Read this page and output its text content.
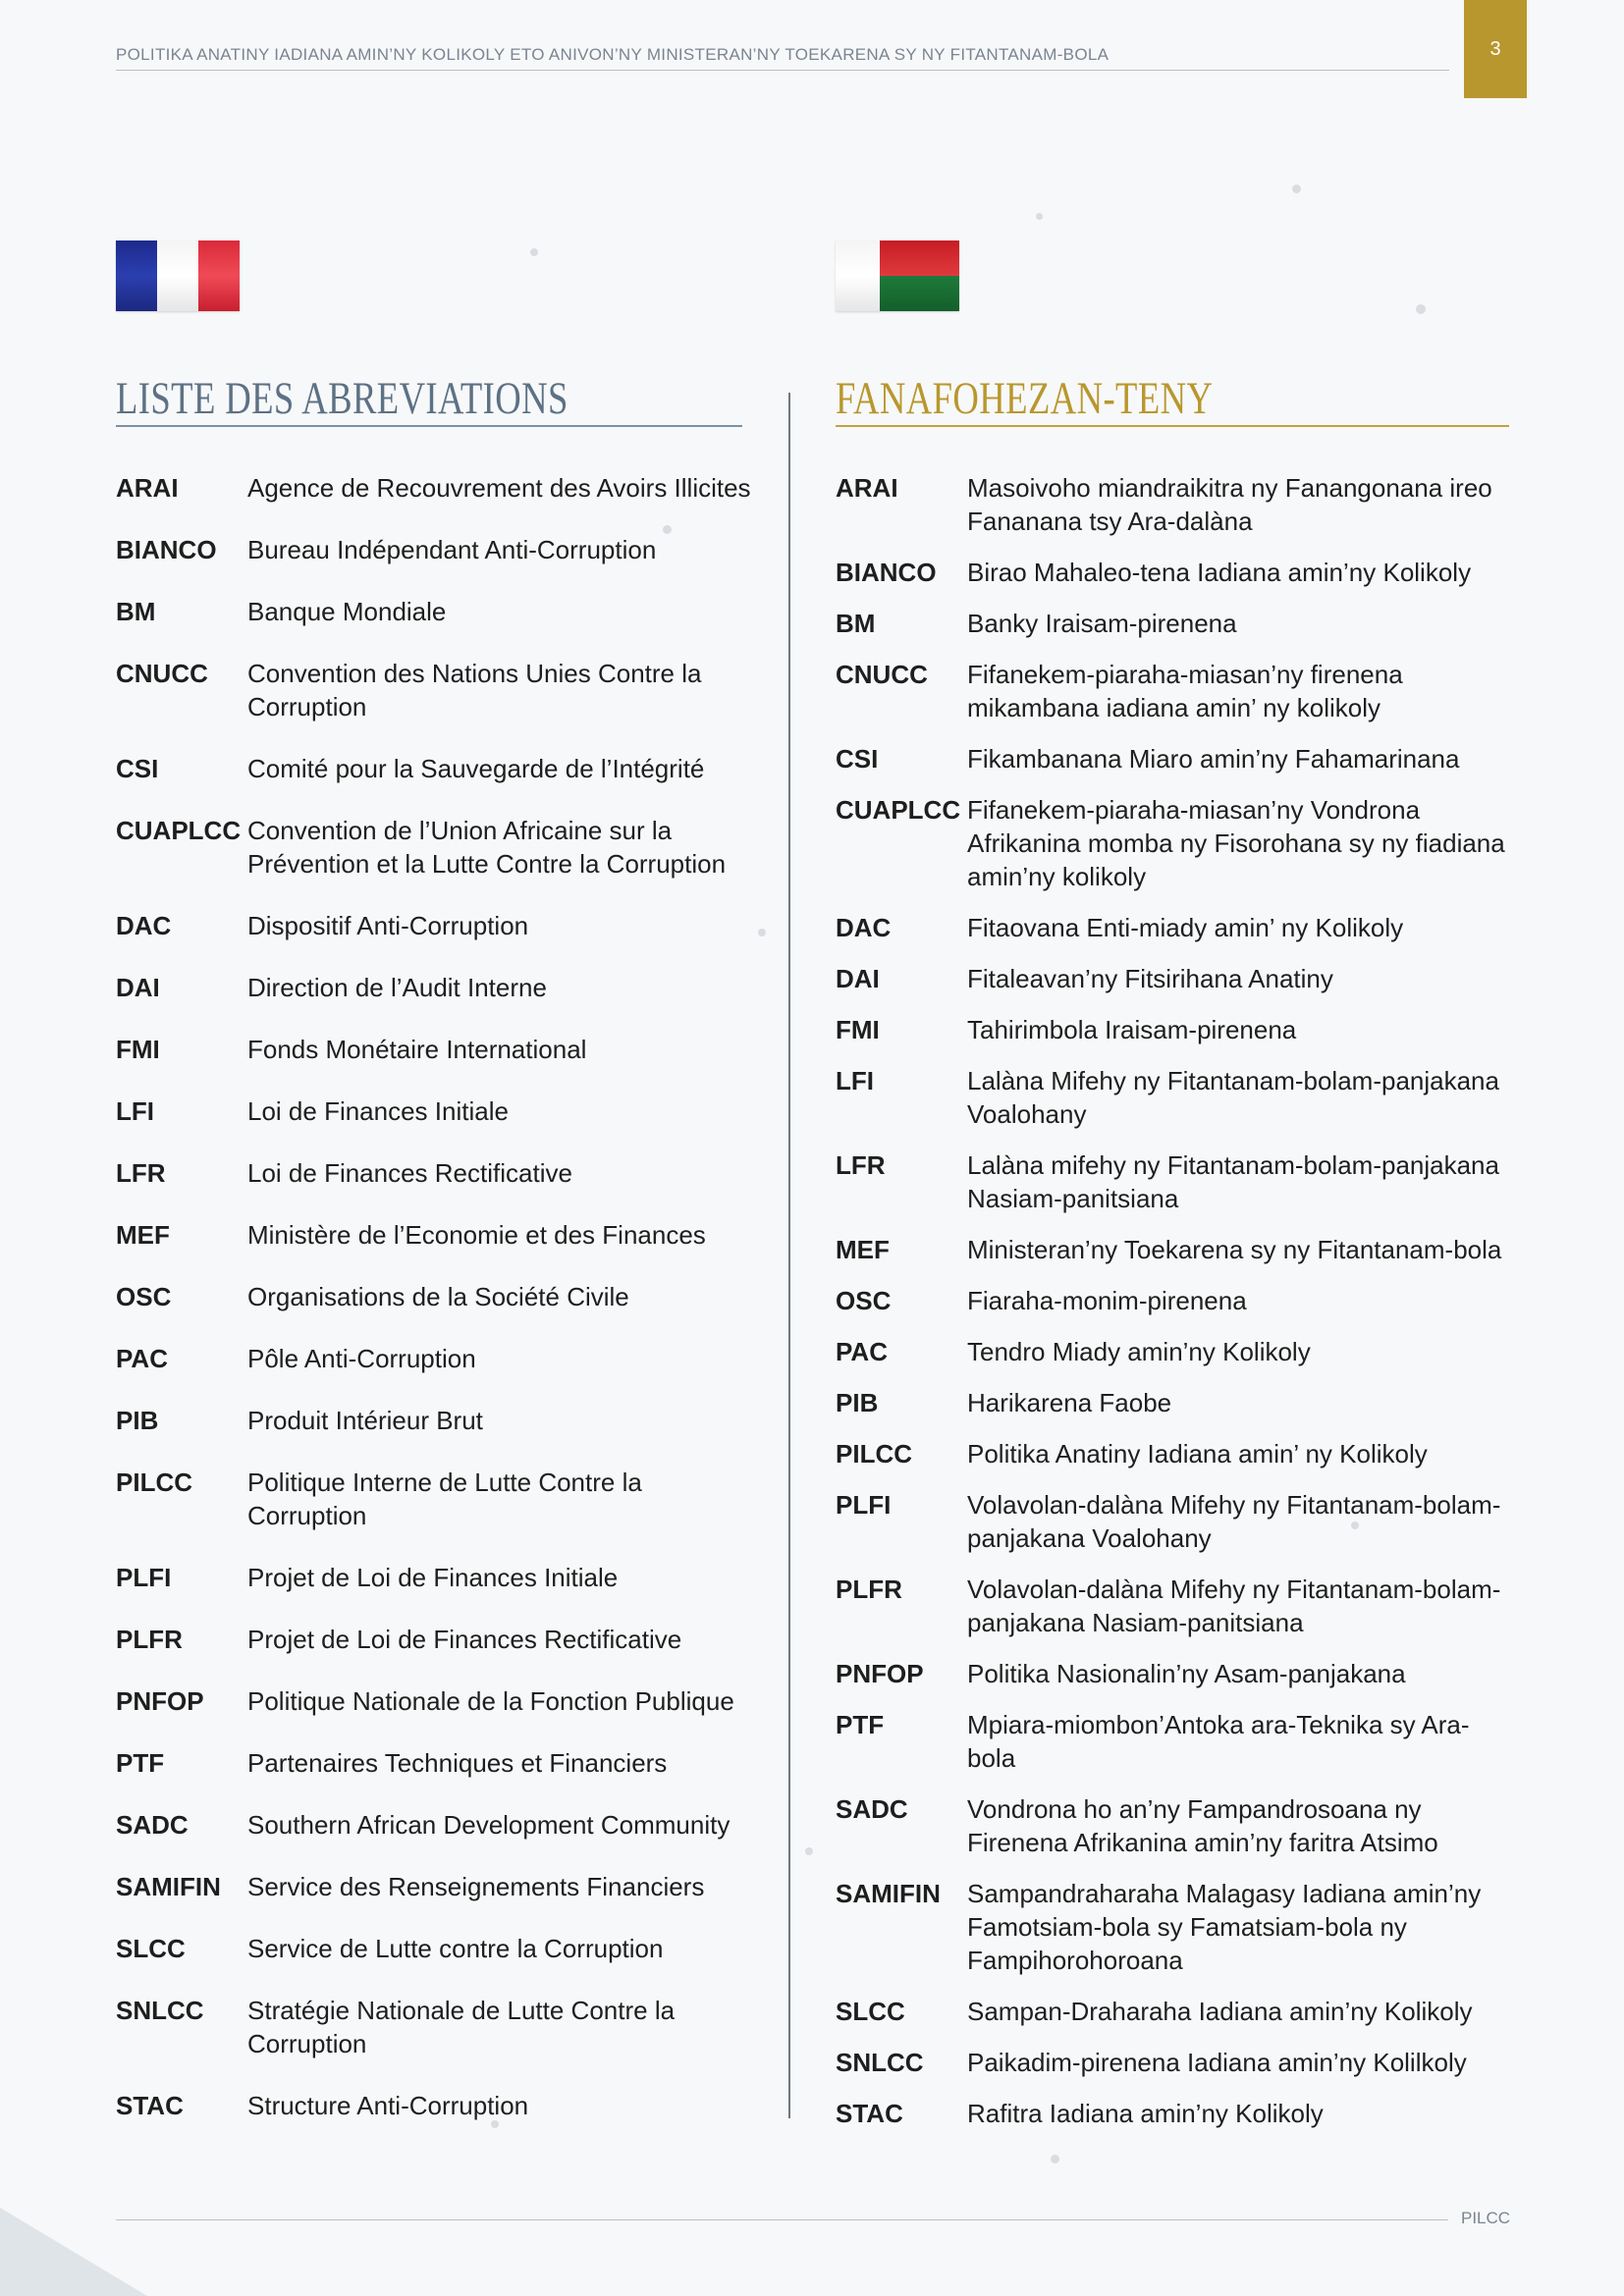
POLITIKA ANATINY IADIANA AMIN’NY KOLIKOLY ETO ANIVON’NY MINISTERAN’NY TOEKARENA SY NY FITANTANAM-BOLA	3
LISTE DES ABREVIATIONS	FANAFOHEZAN-TENY
ARAI	Agence de Recouvrement des Avoirs Illicites
BIANCO	Bureau Indépendant Anti-Corruption
BM	Banque Mondiale
CNUCC	Convention des Nations Unies Contre la Corruption
CSI	Comité pour la Sauvegarde de l’Intégrité
CUAPLCC Convention de l’Union Africaine sur la Prévention et la Lutte Contre la Corruption
DAC	Dispositif Anti-Corruption
DAI	Direction de l’Audit Interne
FMI	Fonds Monétaire International
LFI	Loi de Finances Initiale
LFR	Loi de Finances Rectificative
MEF	Ministère de l’Economie et des Finances
OSC	Organisations de la Société Civile
PAC	Pôle Anti-Corruption
PIB	Produit Intérieur Brut
PILCC	Politique Interne de Lutte Contre la Corruption
PLFI	Projet de Loi de Finances Initiale
PLFR	Projet de Loi de Finances Rectificative
PNFOP	Politique Nationale de la Fonction Publique
PTF	Partenaires Techniques et Financiers
SADC	Southern African Development Community
SAMIFIN	Service des Renseignements Financiers
SLCC	Service de Lutte contre la Corruption
SNLCC	Stratégie Nationale de Lutte Contre la Corruption
STAC	Structure Anti-Corruption
ARAI	Masoivoho miandraikitra ny Fanangonana ireo Fananana tsy Ara-dalàna
BIANCO	Birao Mahaleo-tena Iadiana amin’ny Kolikoly
BM	Banky Iraisam-pirenena
CNUCC	Fifanekem-piaraha-miasan’ny firenena mikambana iadiana amin’ ny kolikoly
CSI	Fikambanana Miaro amin’ny Fahamarinana
CUAPLCC Fifanekem-piaraha-miasan’ny Vondrona Afrikanina momba ny Fisorohana sy ny fiadiana amin’ny kolikoly
DAC	Fitaovana Enti-miady amin’ ny Kolikoly
DAI	Fitaleavan’ny Fitsirihana Anatiny
FMI	Tahirimbola Iraisam-pirenena
LFI	Lalàna Mifehy ny Fitantanam-bolam-panjakana Voalohany
LFR	Lalàna mifehy ny Fitantanam-bolam-panjakana Nasiam-panitsiana
MEF	Ministeran’ny Toekarena sy ny Fitantanam-bola
OSC	Fiaraha-monim-pirenena
PAC	Tendro Miady amin’ny Kolikoly
PIB	Harikarena Faobe
PILCC	Politika Anatiny Iadiana amin’ ny Kolikoly
PLFI	Volavolan-dalàna Mifehy ny Fitantanam-bolam-panjakana Voalohany
PLFR	Volavolan-dalàna Mifehy ny Fitantanam-bolam-panjakana Nasiam-panitsiana
PNFOP	Politika Nasionalin’ny Asam-panjakana
PTF	Mpiara-miombon’Antoka ara-Teknika sy Ara-bola
SADC	Vondrona ho an’ny Fampandrosoana ny Firenena Afrikanina amin’ny faritra Atsimo
SAMIFIN	Sampandraharaha Malagasy Iadiana amin’ny Famotsiam-bola sy Famatsiam-bola ny Fampihorohoroana
SLCC	Sampan-Draharaha Iadiana amin’ny Kolikoly
SNLCC	Paikadim-pirenena Iadiana amin’ny Kolilkoly
STAC	Rafitra Iadiana amin’ny Kolikoly
PILCC
